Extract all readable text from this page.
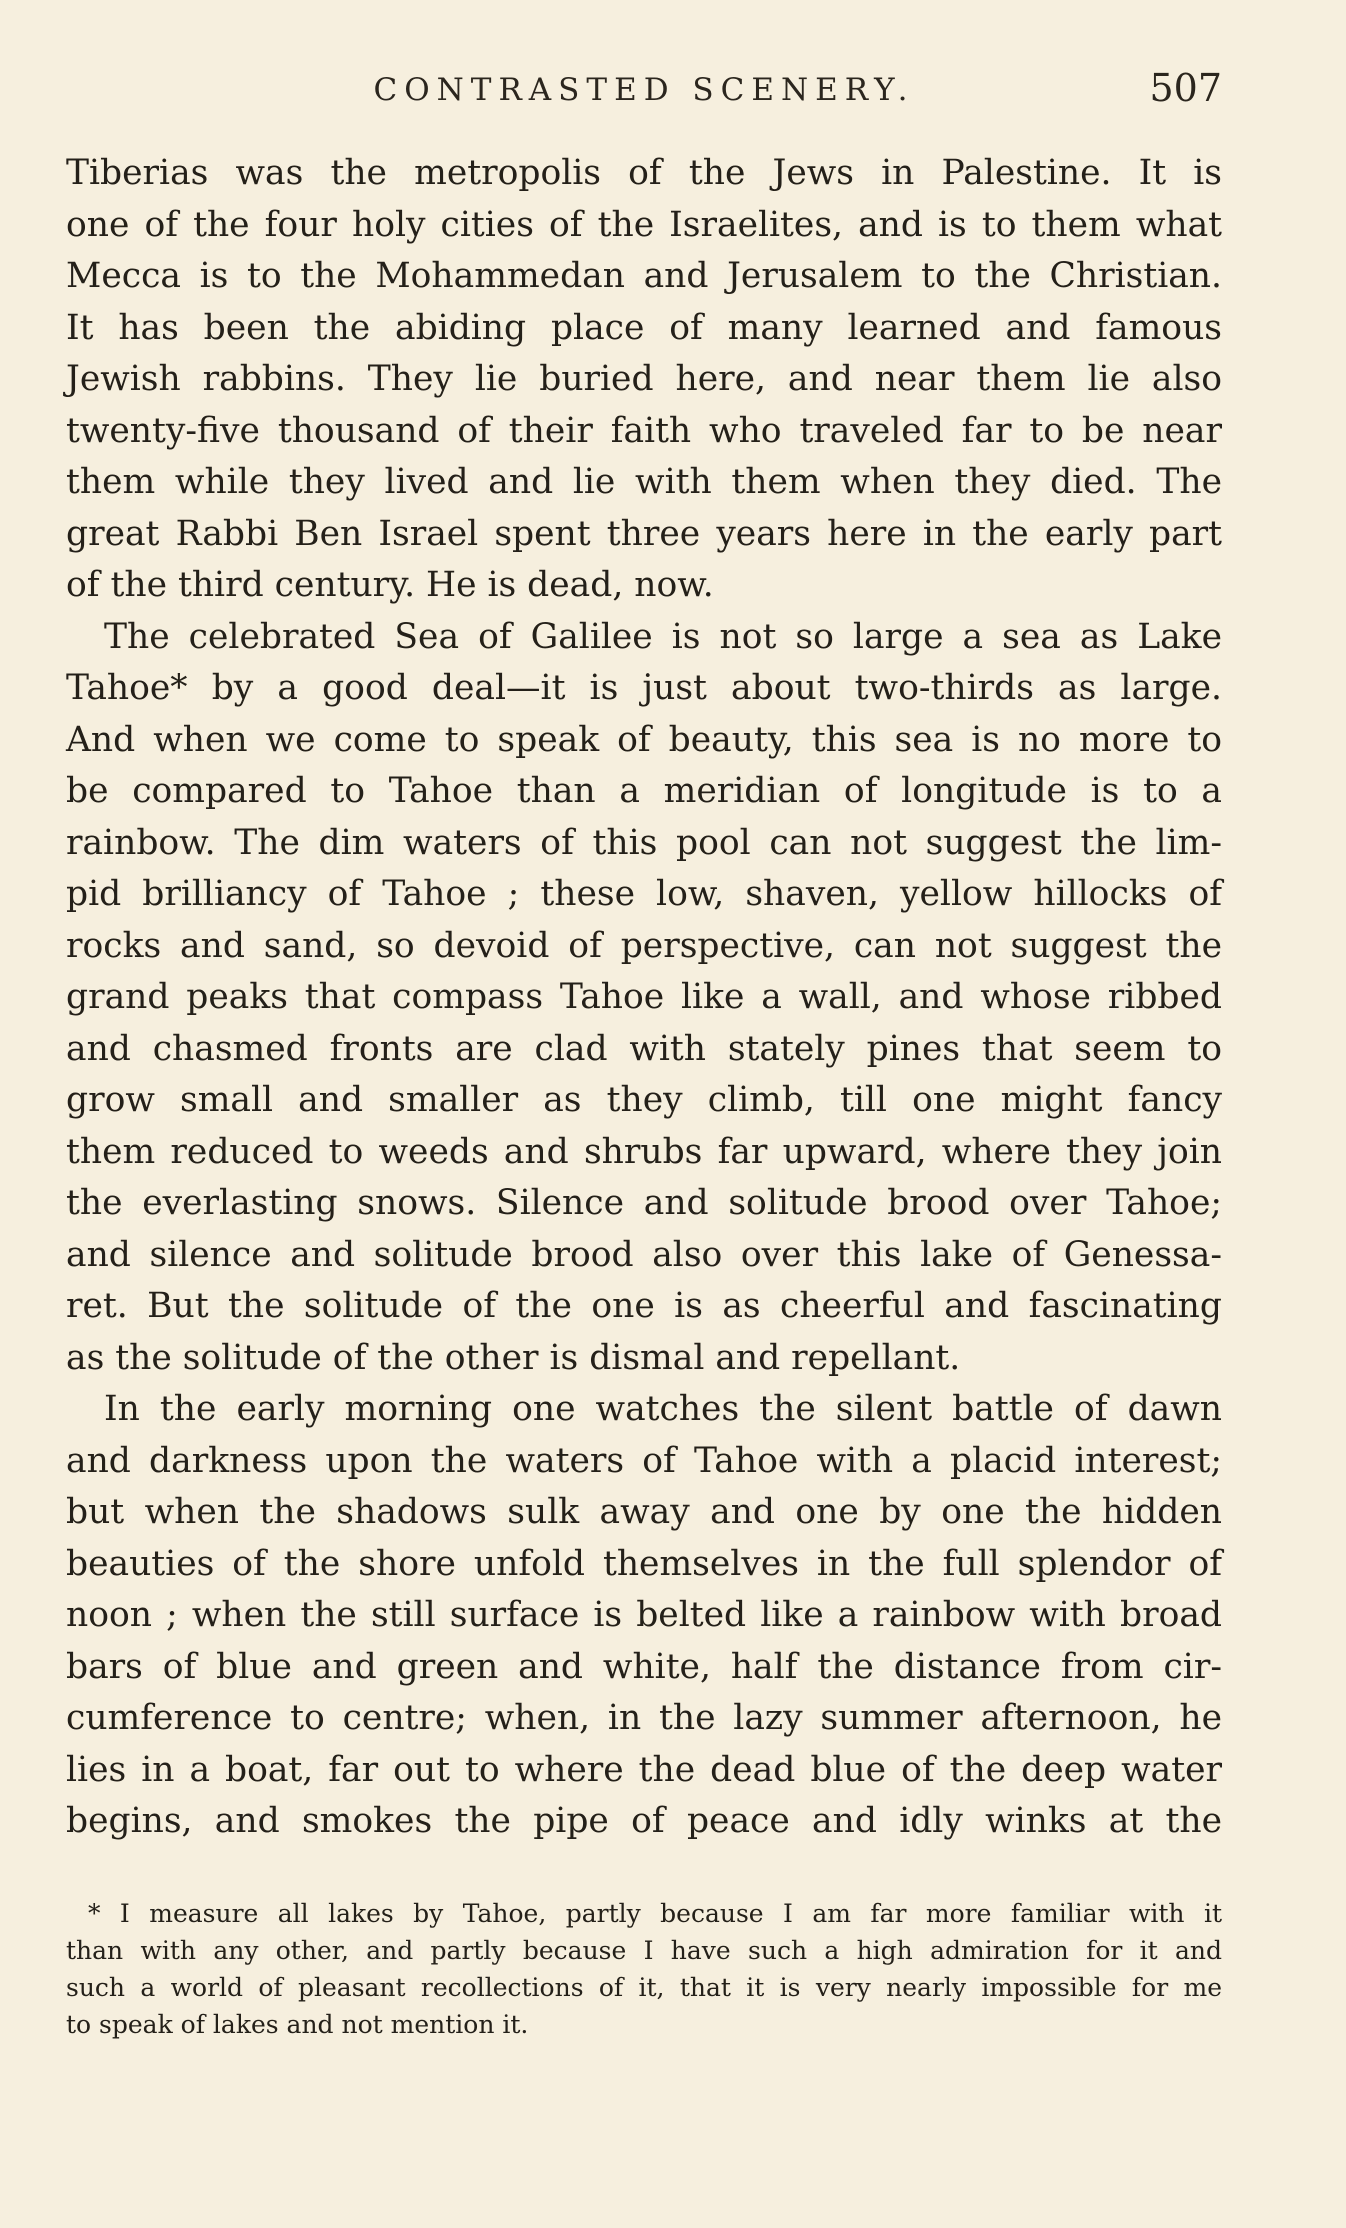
CONTRASTED SCENERY.	507
Tiberias was the metropolis of the Jews in Palestine. It is
one of the four holy cities of the Israelites, and is to them what
Mecca is to the Mohammedan and Jerusalem to the Christian.
It has been the abiding place of many learned and famous
Jewish rabbins. They lie buried here, and near them lie also
twenty-five thousand of their faith who traveled far to be near
them while they lived and lie with them when they died. The
great Rabbi Ben Israel spent three years here in the early part
of the third century. He is dead, now.
The celebrated Sea of Galilee is not so large a sea as Lake
Tahoe* by a good deal—it is just about two-thirds as large.
And when we come to speak of beauty, this sea is no more to
be compared to Tahoe than a meridian of longitude is to a
rainbow. The dim waters of this pool can not suggest the lim-
pid brilliancy of Tahoe ; these low, shaven, yellow hillocks of
rocks and sand, so devoid of perspective, can not suggest the
grand peaks that compass Tahoe like a wall, and whose ribbed
and chasmed fronts are clad with stately pines that seem to
grow small and smaller as they climb, till one might fancy
them reduced to weeds and shrubs far upward, where they join
the everlasting snows. Silence and solitude brood over Tahoe;
and silence and solitude brood also over this lake of Genessa-
ret. But the solitude of the one is as cheerful and fascinating
as the solitude of the other is dismal and repellant.
In the early morning one watches the silent battle of dawn
and darkness upon the waters of Tahoe with a placid interest;
but when the shadows sulk away and one by one the hidden
beauties of the shore unfold themselves in the full splendor of
noon ; when the still surface is belted like a rainbow with broad
bars of blue and green and white, half the distance from cir-
cumference to centre; when, in the lazy summer afternoon, he
lies in a boat, far out to where the dead blue of the deep water
begins, and smokes the pipe of peace and idly winks at the
* I measure all lakes by Tahoe, partly because I am far more familiar with it
than with any other, and partly because I have such a high admiration for it and
such a world of pleasant recollections of it, that it is very nearly impossible for me
to speak of lakes and not mention it.
